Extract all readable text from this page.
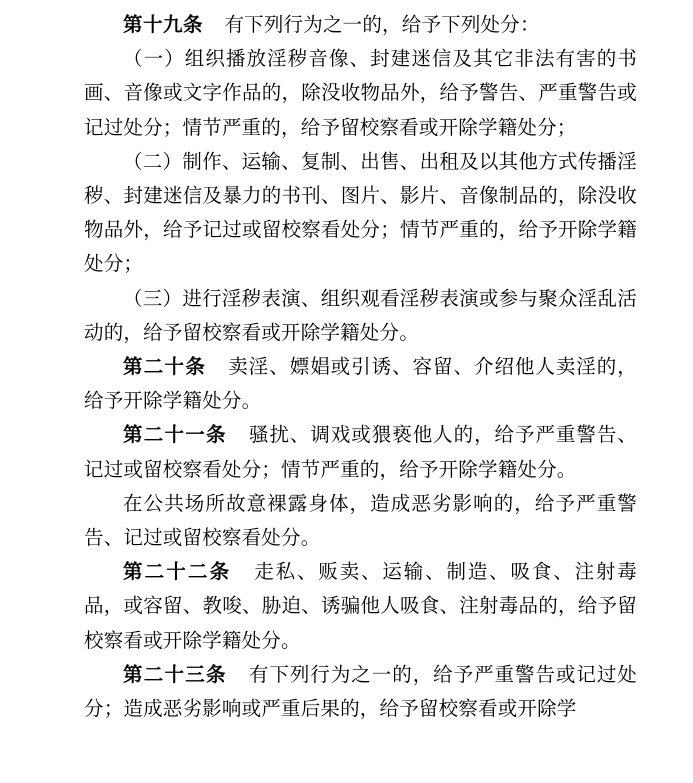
第十九条 有下列行为之一的，给予下列处分：

（一）组织播放淫秽音像、封建迷信及其它非法有害的书画、音像或文字作品的，除没收物品外，给予警告、严重警告或记过处分；情节严重的，给予留校察看或开除学籍处分；

（二）制作、运输、复制、出售、出租及以其他方式传播淫秽、封建迷信及暴力的书刊、图片、影片、音像制品的，除没收物品外，给予记过或留校察看处分；情节严重的，给予开除学籍处分；

（三）进行淫秽表演、组织观看淫秽表演或参与聚众淫乱活动的，给予留校察看或开除学籍处分。

第二十条 卖淫、嫖娼或引诱、容留、介绍他人卖淫的，给予开除学籍处分。

第二十一条 骚扰、调戏或猥亵他人的，给予严重警告、记过或留校察看处分；情节严重的，给予开除学籍处分。

在公共场所故意裸露身体，造成恶劣影响的，给予严重警告、记过或留校察看处分。

第二十二条 走私、贩卖、运输、制造、吸食、注射毒品，或容留、教唆、胁迫、诱骗他人吸食、注射毒品的，给予留校察看或开除学籍处分。

第二十三条 有下列行为之一的，给予严重警告或记过处分；造成恶劣影响或严重后果的，给予留校察看或开除学
